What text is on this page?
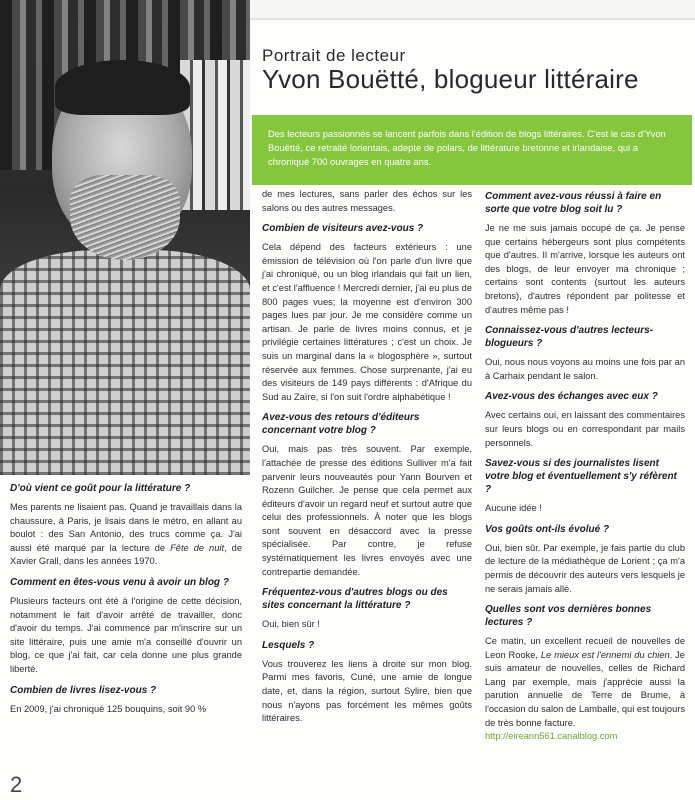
Portrait de lecteur
Yvon Bouëtté, blogueur littéraire
Des lecteurs passionnés se lancent parfois dans l'édition de blogs littéraires. C'est le cas d'Yvon Bouëtté, ce retraité lorientais, adepte de polars, de littérature bretonne et irlandaise, qui a chroniqué 700 ouvrages en quatre ans.
D'où vient ce goût pour la littérature ?

Mes parents ne lisaient pas. Quand je travaillais dans la chaussure, à Paris, je lisais dans le métro, en allant au boulot : des San Antonio, des trucs comme ça. J'ai aussi été marqué par la lecture de Fête de nuit, de Xavier Grall, dans les années 1970.

Comment en êtes-vous venu à avoir un blog ?

Plusieurs facteurs ont été à l'origine de cette décision, notamment le fait d'avoir arrêté de travailler, donc d'avoir du temps. J'ai commencé par m'inscrire sur un site littéraire, puis une amie m'a conseillé d'ouvrir un blog, ce que j'ai fait, car cela donne une plus grande liberté.

Combien de livres lisez-vous ?

En 2009, j'ai chroniqué 125 bouquins, soit 90 %

de mes lectures, sans parler des échos sur les salons ou des autres messages.

Combien de visiteurs avez-vous ?

Cela dépend des facteurs extérieurs : une émission de télévision où l'on parle d'un livre que j'ai chroniqué, ou un blog irlandais qui fait un lien, et c'est l'affluence ! Mercredi dernier, j'ai eu plus de 800 pages vues; la moyenne est d'environ 300 pages lues par jour. Je me considère comme un artisan. Je parle de livres moins connus, et je privilégie certaines littératures ; c'est un choix. Je suis un marginal dans la « blogosphère », surtout réservée aux femmes. Chose surprenante, j'ai eu des visiteurs de 149 pays différents : d'Afrique du Sud au Zaïre, si l'on suit l'ordre alphabétique !

Avez-vous des retours d'éditeurs concernant votre blog ?

Oui, mais pas très souvent. Par exemple, l'attachée de presse des éditions Sulliver m'a fait parvenir leurs nouveautés pour Yann Bourven et Rozenn Guilcher. Je pense que cela permet aux éditeurs d'avoir un regard neuf et surtout autre que celui des professionnels. À noter que les blogs sont souvent en désaccord avec la presse spécialisée. Par contre, je refuse systématiquement les livres envoyés avec une contrepartie demandée.

Fréquentez-vous d'autres blogs ou des sites concernant la littérature ?

Oui, bien sûr !

Lesquels ?

Vous trouverez les liens à droite sur mon blog. Parmi mes favoris, Cuné, une amie de longue date, et, dans la région, surtout Sylire, bien que nous n'ayons pas forcément les mêmes goûts littéraires.

Comment avez-vous réussi à faire en sorte que votre blog soit lu ?

Je ne me suis jamais occupé de ça. Je pense que certains hébergeurs sont plus compétents que d'autres. Il m'arrive, lorsque les auteurs ont des blogs, de leur envoyer ma chronique ; certains sont contents (surtout les auteurs bretons), d'autres répondent par politesse et d'autres même pas !

Connaissez-vous d'autres lecteurs-blogueurs ?

Oui, nous nous voyons au moins une fois par an à Carhaix pendant le salon.

Avez-vous des échanges avec eux ?

Avec certains oui, en laissant des commentaires sur leurs blogs ou en correspondant par mails personnels.

Savez-vous si des journalistes lisent votre blog et éventuellement s'y réfèrent ?

Aucune idée !

Vos goûts ont-ils évolué ?

Oui, bien sûr. Par exemple, je fais partie du club de lecture de la médiathèque de Lorient ; ça m'a permis de découvrir des auteurs vers lesquels je ne serais jamais allé.

Quelles sont vos dernières bonnes lectures ?

Ce matin, un excellent recueil de nouvelles de Leon Rooke, Le mieux est l'ennemi du chien. Je suis amateur de nouvelles, celles de Richard Lang par exemple, mais j'apprécie aussi la parution annuelle de Terre de Brume, à l'occasion du salon de Lamballe, qui est toujours de très bonne facture.
http://eireann561.canalblog.com

2
